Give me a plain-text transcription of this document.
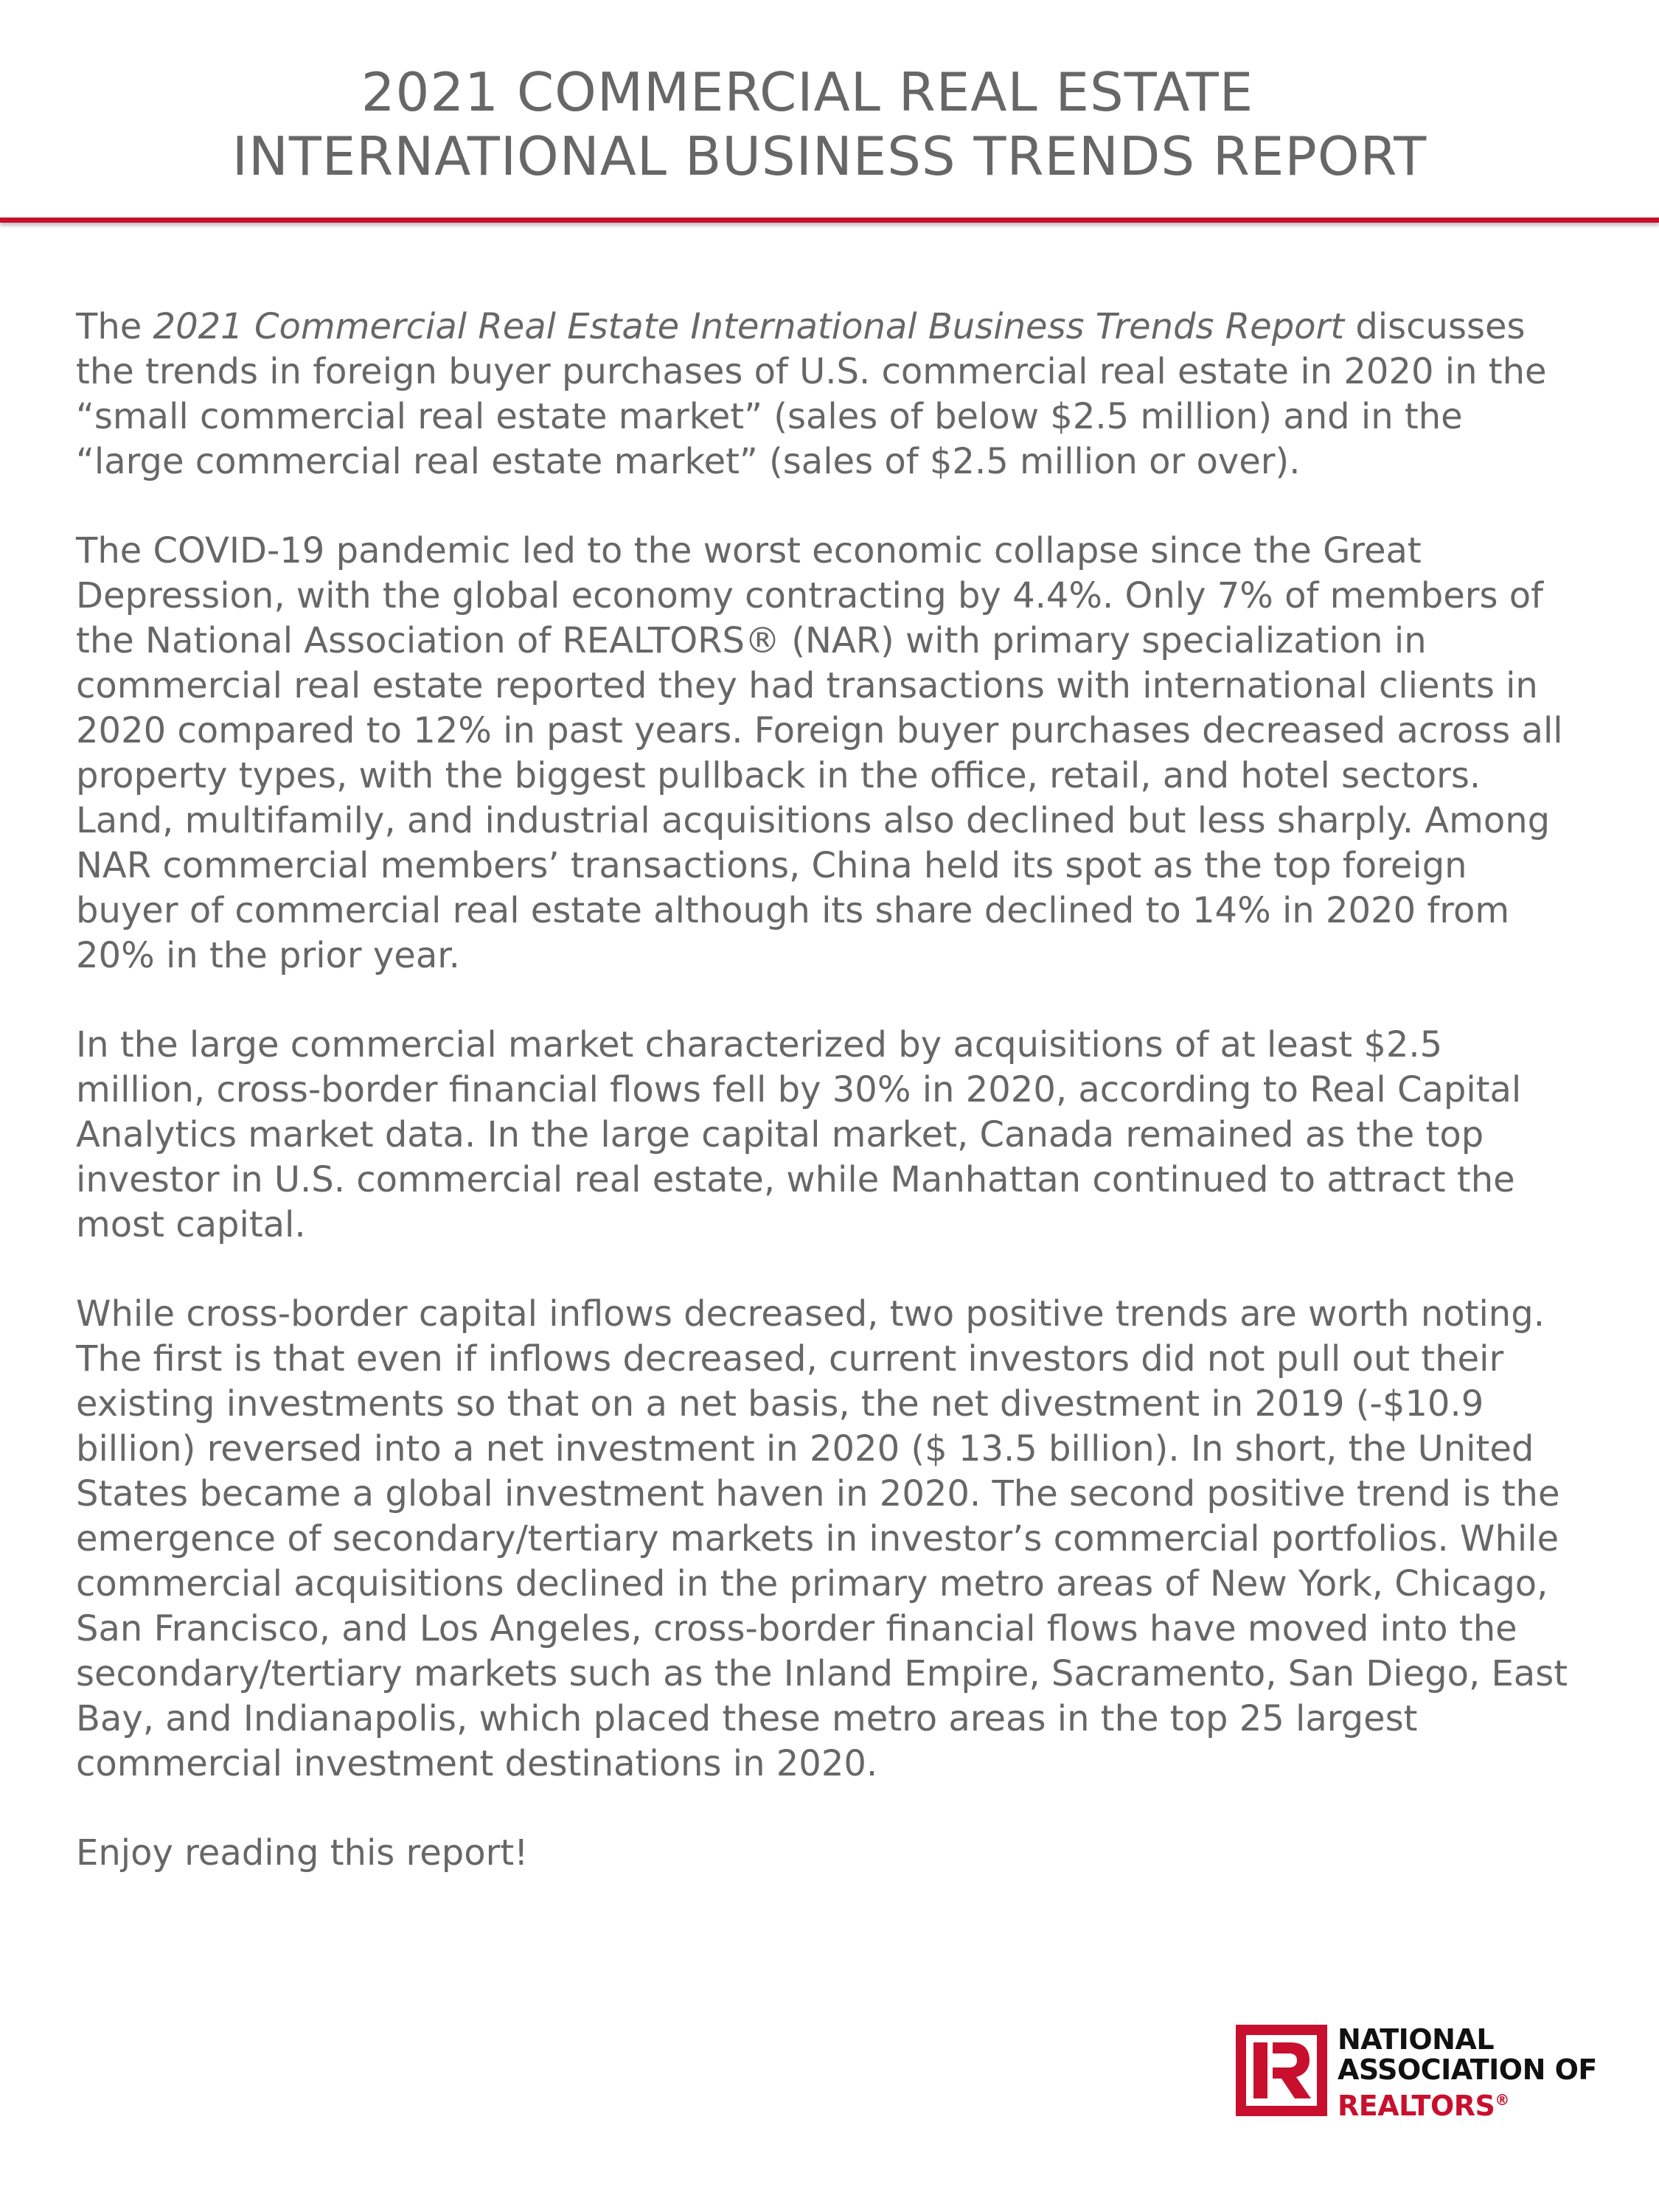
2021 COMMERCIAL REAL ESTATE
INTERNATIONAL BUSINESS TRENDS REPORT

The 2021 Commercial Real Estate International Business Trends Report discusses the trends in foreign buyer purchases of U.S. commercial real estate in 2020 in the “small commercial real estate market” (sales of below $2.5 million) and in the “large commercial real estate market” (sales of $2.5 million or over).

The COVID-19 pandemic led to the worst economic collapse since the Great Depression, with the global economy contracting by 4.4%. Only 7% of members of the National Association of REALTORS® (NAR) with primary specialization in commercial real estate reported they had transactions with international clients in 2020 compared to 12% in past years. Foreign buyer purchases decreased across all property types, with the biggest pullback in the office, retail, and hotel sectors. Land, multifamily, and industrial acquisitions also declined but less sharply. Among NAR commercial members’ transactions, China held its spot as the top foreign buyer of commercial real estate although its share declined to 14% in 2020 from 20% in the prior year.

In the large commercial market characterized by acquisitions of at least $2.5 million, cross-border financial flows fell by 30% in 2020, according to Real Capital Analytics market data. In the large capital market, Canada remained as the top investor in U.S. commercial real estate, while Manhattan continued to attract the most capital.

While cross-border capital inflows decreased, two positive trends are worth noting. The first is that even if inflows decreased, current investors did not pull out their existing investments so that on a net basis, the net divestment in 2019 (-$10.9 billion) reversed into a net investment in 2020 ($ 13.5 billion). In short, the United States became a global investment haven in 2020. The second positive trend is the emergence of secondary/tertiary markets in investor’s commercial portfolios. While commercial acquisitions declined in the primary metro areas of New York, Chicago, San Francisco, and Los Angeles, cross-border financial flows have moved into the secondary/tertiary markets such as the Inland Empire, Sacramento, San Diego, East Bay, and Indianapolis, which placed these metro areas in the top 25 largest commercial investment destinations in 2020.

Enjoy reading this report!

NATIONAL
ASSOCIATION OF
REALTORS®
